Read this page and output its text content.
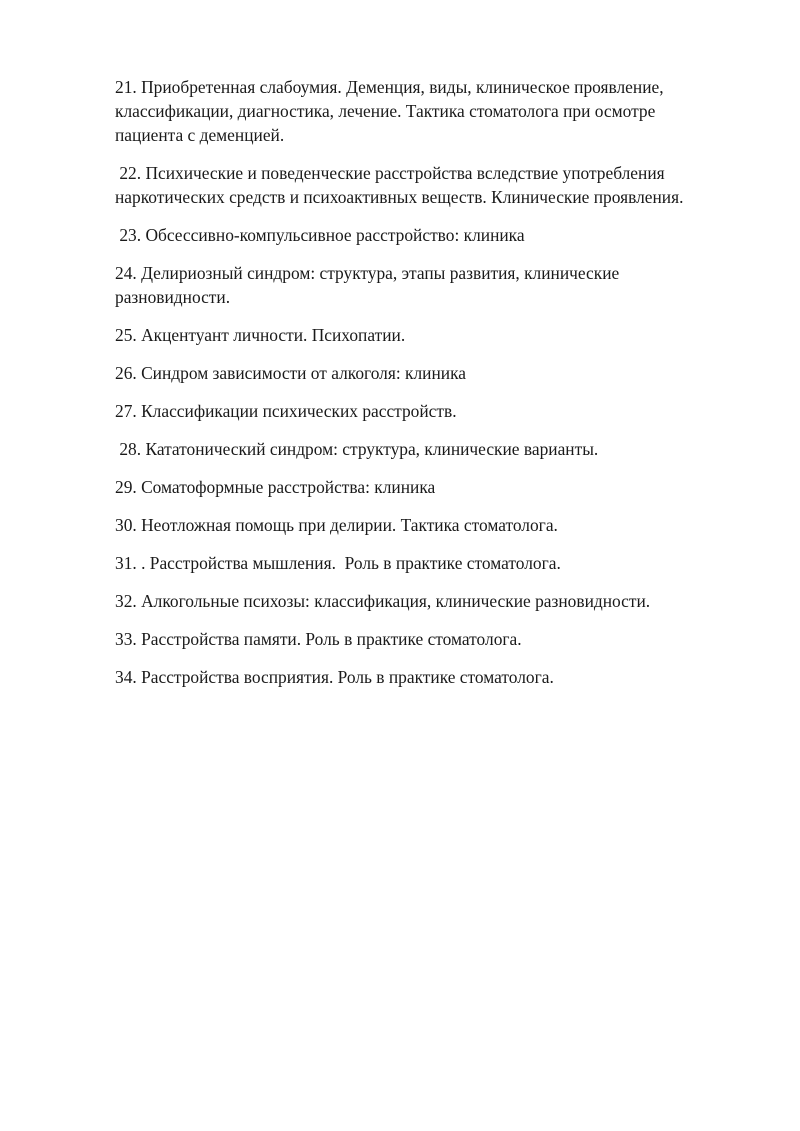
21. Приобретенная слабоумия. Деменция, виды, клиническое проявление,
классификации, диагностика, лечение. Тактика стоматолога при осмотре
пациента с деменцией.

22. Психические и поведенческие расстройства вследствие употребления
наркотических средств и психоактивных веществ. Клинические проявления.

23. Обсессивно-компульсивное расстройство: клиника

24. Делириозный синдром: структура, этапы развития, клинические
разновидности.

25. Акцентуант личности. Психопатии.

26. Синдром зависимости от алкоголя: клиника

27. Классификации психических расстройств.

28. Кататонический синдром: структура, клинические варианты.

29. Соматоформные расстройства: клиника

30. Неотложная помощь при делирии. Тактика стоматолога.

31. . Расстройства мышления.  Роль в практике стоматолога.

32. Алкогольные психозы: классификация, клинические разновидности.

33. Расстройства памяти. Роль в практике стоматолога.

34. Расстройства восприятия. Роль в практике стоматолога.
